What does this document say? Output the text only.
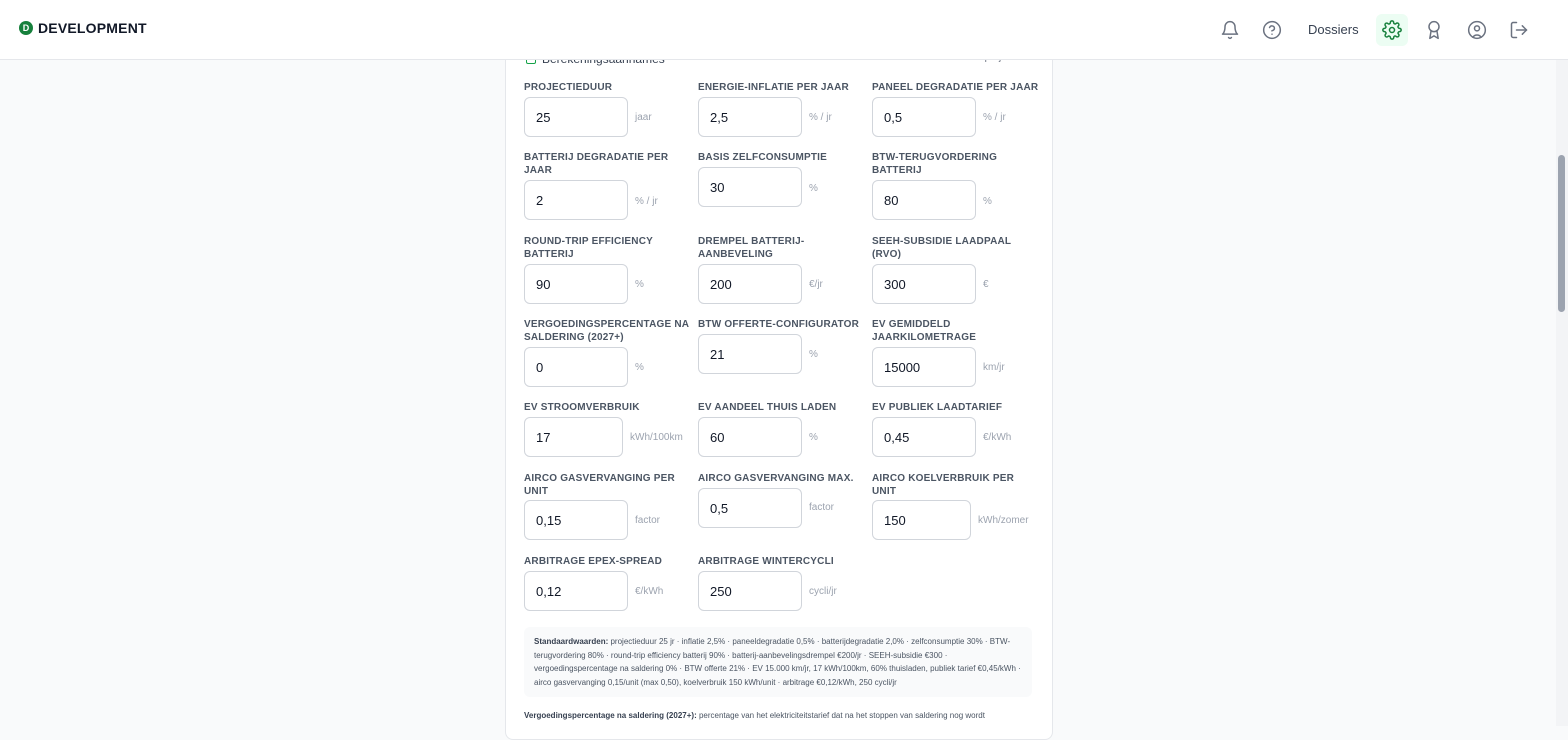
D DEVELOPMENT	Dossiers
PROJECTIEDUUR
25
jaar
ENERGIE-INFLATIE PER JAAR
2,5
% / jr
PANEEL DEGRADATIE PER JAAR
0,5
% / jr
BATTERIJ DEGRADATIE PER JAAR
2
% / jr
BASIS ZELFCONSUMPTIE
30
%
BTW-TERUGVORDERING BATTERIJ
80
%
ROUND-TRIP EFFICIENCY BATTERIJ
90
%
DREMPEL BATTERIJ-AANBEVELING
200
€/jr
SEEH-SUBSIDIE LAADPAAL (RVO)
300
€
VERGOEDINGSPERCENTAGE NA SALDERING (2027+)
0
%
BTW OFFERTE-CONFIGURATOR
21
%
EV GEMIDDELD JAARKILOMETRAGE
15000
km/jr
EV STROOMVERBRUIK
17
kWh/100km
EV AANDEEL THUIS LADEN
60
%
EV PUBLIEK LAADTARIEF
0,45
€/kWh
AIRCO GASVERVANGING PER UNIT
0,15
factor
AIRCO GASVERVANGING MAX.
0,5
factor
AIRCO KOELVERBRUIK PER UNIT
150
kWh/zomer
ARBITRAGE EPEX-SPREAD
0,12
€/kWh
ARBITRAGE WINTERCYCLI
250
cycli/jr
Standaardwaarden: projectieduur 25 jr · inflatie 2,5% · paneeldegradatie 0,5% · batterijdegradatie 2,0% · zelfconsumptie 30% · BTW-terugvordering 80% · round-trip efficiency batterij 90% · batterij-aanbevelingsdrempel €200/jr · SEEH-subsidie €300 · vergoedingspercentage na saldering 0% · BTW offerte 21% · EV 15.000 km/jr, 17 kWh/100km, 60% thuisladen, publiek tarief €0,45/kWh · airco gasvervanging 0,15/unit (max 0,50), koelverbruik 150 kWh/unit · arbitrage €0,12/kWh, 250 cycli/jr
Vergoedingspercentage na saldering (2027+): percentage van het elektriciteitstarief dat na het stoppen van saldering nog wordt
